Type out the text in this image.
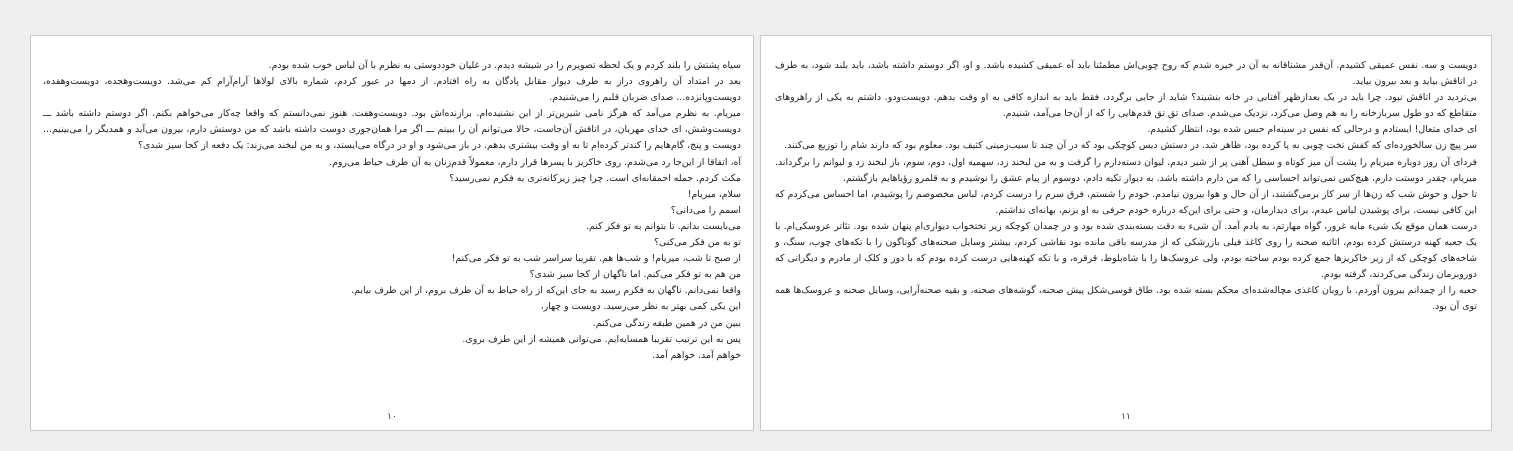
سیاه پشتش را بلند کردم و یک لحظه تصویرم را در شیشه دیدم. در غلیان خوددوستی به نظرم با آن لباس خوب شده بودم.

بعد در امتداد آن راهروی دراز به طرف دیوار مقابل پادگان به راه افتادم. از دمها در عبور کردم، شماره بالای لولاها آرام‌آرام کم می‌شد. دویست‌وهجده، دویست‌وهفده، دویست‌وپانزده... صدای ضربان قلبم را می‌شنیدم.

میریام. به نظرم می‌آمد که هرگز نامی شیرین‌تر از این نشنیده‌ام. برازنده‌اش بود. دویست‌وهفت. هنوز نمی‌دانستم که واقعا چه‌کار می‌خواهم بکنم. اگر دوستم داشته باشد ـــ دویست‌وشش، ای خدای مهربان، در اتاقش آن‌جاست، حالا می‌توانم آن را ببینم ـــ اگر مرا همان‌جوری دوست داشته باشد که من دوستش دارم، بیرون می‌آید و همدیگر را می‌بینیم... دویست و پنج، گام‌هایم را کندتر کرده‌ام تا به او وقت بیشتری بدهم. در باز می‌شود و او در درگاه می‌ایستد، و به من لبخند می‌زند: یک دفعه از کجا سبز شدی؟

آه، اتفاقا از این‌جا رد می‌شدم. روی خاکریز با پسرها قرار دارم، معمولاً قدم‌زنان به آن طرف حیاط می‌روم.

مکث کردم. جمله احمقانه‌ای است. چرا چیز زیرکانه‌تری به فکرم نمی‌رسید؟

سلام، میریام!

اسمم را می‌دانی؟

می‌بایست بدانم. تا بتوانم به تو فکر کنم.

تو به من فکر می‌کنی؟

از صبح تا شب، میریام! و شب‌ها هم. تقریبا سراسر شب به تو فکر می‌کنم!

من هم به تو فکر می‌کنم. اما ناگهان از کجا سبز شدی؟

واقعا نمی‌دانم. ناگهان به فکرم رسید به جای این‌که از راه حیاط به آن طرف بروم، از این طرف بیایم.

این یکی کمی بهتر به نظر می‌رسید. دویست و چهار،

ببین من در همین طبقه زندگی می‌کنم.

پس به این ترتیب تقریبا همسایه‌ایم. می‌توانی همیشه از این طرف بروی.

خواهم آمد. خواهم آمد.

۱۰

دویست و سه. نفس عمیقی کشیدم. آن‌قدر مشتاقانه به آن در خیره شدم که روح چوبی‌اش مطمئنا باید آه عمیقی کشیده باشد. و او، اگر دوستم داشته باشد، باید بلند شود، به طرف در اتاقش بیاید و بعد بیرون بیاید.

بی‌تردید در اتاقش نبود. چرا باید در یک بعدازظهر آفتابی در خانه بنشیند؟ شاید از جایی برگردد، فقط باید به اندازه کافی به او وقت بدهم. دویست‌ودو. داشتم به یکی از راهروهای متقاطع که دو طول سربازخانه را به هم وصل می‌کرد، نزدیک می‌شدم. صدای تق تق قدم‌هایی را که از آن‌جا می‌آمد، شنیدم.

ای خدای متعال! ایستادم و درحالی که نفس در سینه‌ام حبس شده بود، انتظار کشیدم.

سر پیچ زن سالخورده‌ای که کفش تخت چوبی به پا کرده بود، ظاهر شد. در دستش دیس کوچکی بود که در آن چند تا سیب‌زمینی کثیف بود. معلوم بود که دارند شام را توزیع می‌کنند.

فردای آن روز دوباره میریام را پشت آن میز کوتاه و سطل آهنی پر از شیر دیدم. لیوان دسته‌دارم را گرفت و به من لبخند زد، سهمیه اول، دوم، سوم، باز لبخند زد و لیوانم را برگرداند. میریام، چقدر دوستت دارم، هیچ‌کس نمی‌تواند احساسی را که من دارم داشته باشد. به دیوار تکیه دادم، دوسوم از پیام عشق را نوشیدم و به قلمرو رؤیاهایم بازگشتم.

تا حول و حوش شب که زن‌ها از سر کار برمی‌گشتند، از آن حال و هوا بیرون نیامدم. خودم را شستم، فرق سرم را درست کردم، لباس مخصوصم را پوشیدم، اما احساس می‌کردم که این کافی نیست. برای پوشیدن لباس عیدم، برای دیدارمان، و حتی برای این‌که درباره خودم حرفی به او بزنم، بهانه‌ای نداشتم.

درست همان موقع یک شیء مایه غرور، گواه مهارتم، به یادم آمد. آن شیء به دقت بسته‌بندی شده بود و در چمدان کوچکه زیر تختخواب دیواری‌ام پنهان شده بود. تئاتر عروسکی‌ام. با یک جعبه کهنه درستش کرده بودم، اثاثیه صحنه را روی کاغذ فیلی بازرشکی که از مدرسه باقی مانده بود نقاشی کردم، بیشتر وسایل صحنه‌های گوناگون را با تکه‌های چوب، سنگ، و شاخه‌های کوچکی که از زیر خاکریزها جمع کرده بودم ساخته بودم، ولی عروسک‌ها را با شاه‌بلوط، قرقره، و با تکه کهنه‌هایی درست کرده بودم که با دوز و کلک از مادرم و دیگرانی که دوروبرمان زندگی می‌کردند، گرفته بودم.

جعبه را از چمدانم بیرون آوردم. با روبان کاغذی مچاله‌شده‌ای محکم بسته شده بود. طاق قوسی‌شکل پیش صحنه، گوشه‌های صحنه، و بقیه صحنه‌آرایی، وسایل صحنه و عروسک‌ها همه توی آن بود.

۱۱
